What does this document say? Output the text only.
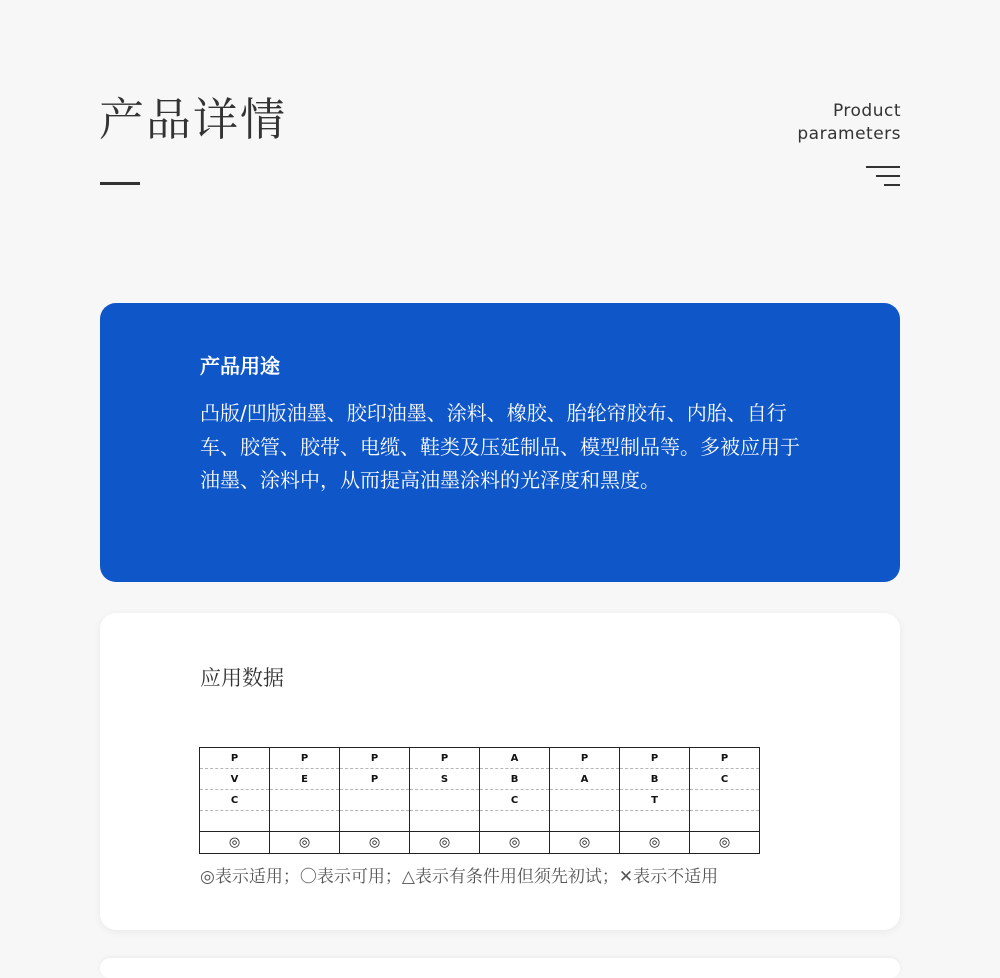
产品详情	Product
parameters
产品用途
凸版/凹版油墨、胶印油墨、涂料、橡胶、胎轮帘胶布、内胎、自行车、胶管、胶带、电缆、鞋类及压延制品、模型制品等。多被应用于油墨、涂料中，从而提高油墨涂料的光泽度和黑度。
应用数据
P	P	P	P	A	P	P	P
V	E	P	S	B	A	B	C
C				C		T	

◎	◎	◎	◎	◎	◎	◎	◎
◎表示适用；〇表示可用；△表示有条件用但须先初试；✕表示不适用
